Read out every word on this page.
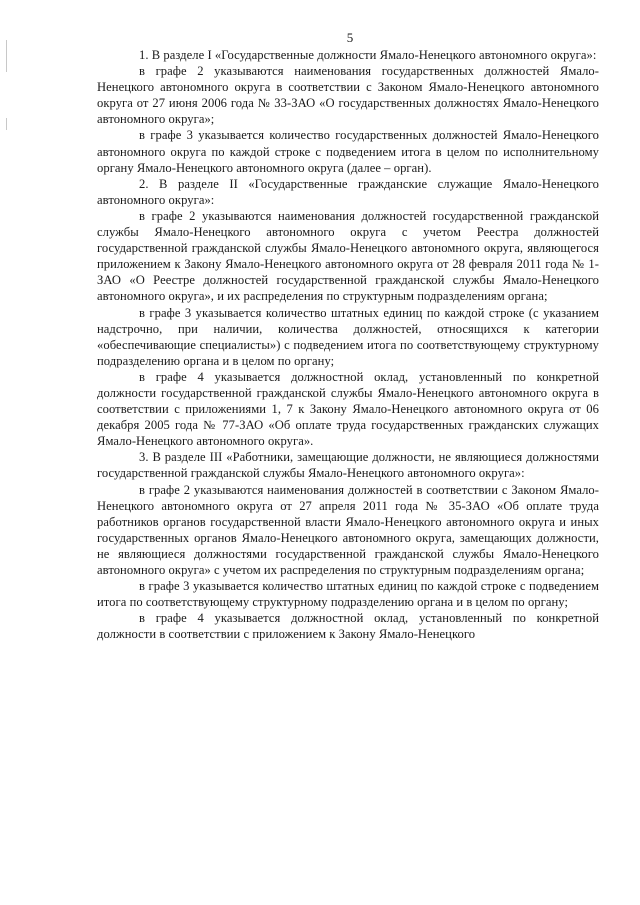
5

1. В разделе I «Государственные должности Ямало-Ненецкого автономного округа»:

в графе 2 указываются наименования государственных должностей Ямало-Ненецкого автономного округа в соответствии с Законом Ямало-Ненецкого автономного округа от 27 июня 2006 года № 33-ЗАО «О государственных должностях Ямало-Ненецкого автономного округа»;

в графе 3 указывается количество государственных должностей Ямало-Ненецкого автономного округа по каждой строке с подведением итога в целом по исполнительному органу Ямало-Ненецкого автономного округа (далее – орган).

2. В разделе II «Государственные гражданские служащие Ямало-Ненецкого автономного округа»:

в графе 2 указываются наименования должностей государственной гражданской службы Ямало-Ненецкого автономного округа с учетом Реестра должностей государственной гражданской службы Ямало-Ненецкого автономного округа, являющегося приложением к Закону Ямало-Ненецкого автономного округа от 28 февраля 2011 года № 1-ЗАО «О Реестре должностей государственной гражданской службы Ямало-Ненецкого автономного округа», и их распределения по структурным подразделениям органа;

в графе 3 указывается количество штатных единиц по каждой строке (с указанием надстрочно, при наличии, количества должностей, относящихся к категории «обеспечивающие специалисты») с подведением итога по соответствующему структурному подразделению органа и в целом по органу;

в графе 4 указывается должностной оклад, установленный по конкретной должности государственной гражданской службы Ямало-Ненецкого автономного округа в соответствии с приложениями 1, 7 к Закону Ямало-Ненецкого автономного округа от 06 декабря 2005 года № 77-ЗАО «Об оплате труда государственных гражданских служащих Ямало-Ненецкого автономного округа».

3. В разделе III «Работники, замещающие должности, не являющиеся должностями государственной гражданской службы Ямало-Ненецкого автономного округа»:

в графе 2 указываются наименования должностей в соответствии с Законом Ямало-Ненецкого автономного округа от 27 апреля 2011 года № 35-ЗАО «Об оплате труда работников органов государственной власти Ямало-Ненецкого автономного округа и иных государственных органов Ямало-Ненецкого автономного округа, замещающих должности, не являющиеся должностями государственной гражданской службы Ямало-Ненецкого автономного округа» с учетом их распределения по структурным подразделениям органа;

в графе 3 указывается количество штатных единиц по каждой строке с подведением итога по соответствующему структурному подразделению органа и в целом по органу;

в графе 4 указывается должностной оклад, установленный по конкретной должности в соответствии с приложением к Закону Ямало-Ненецкого
